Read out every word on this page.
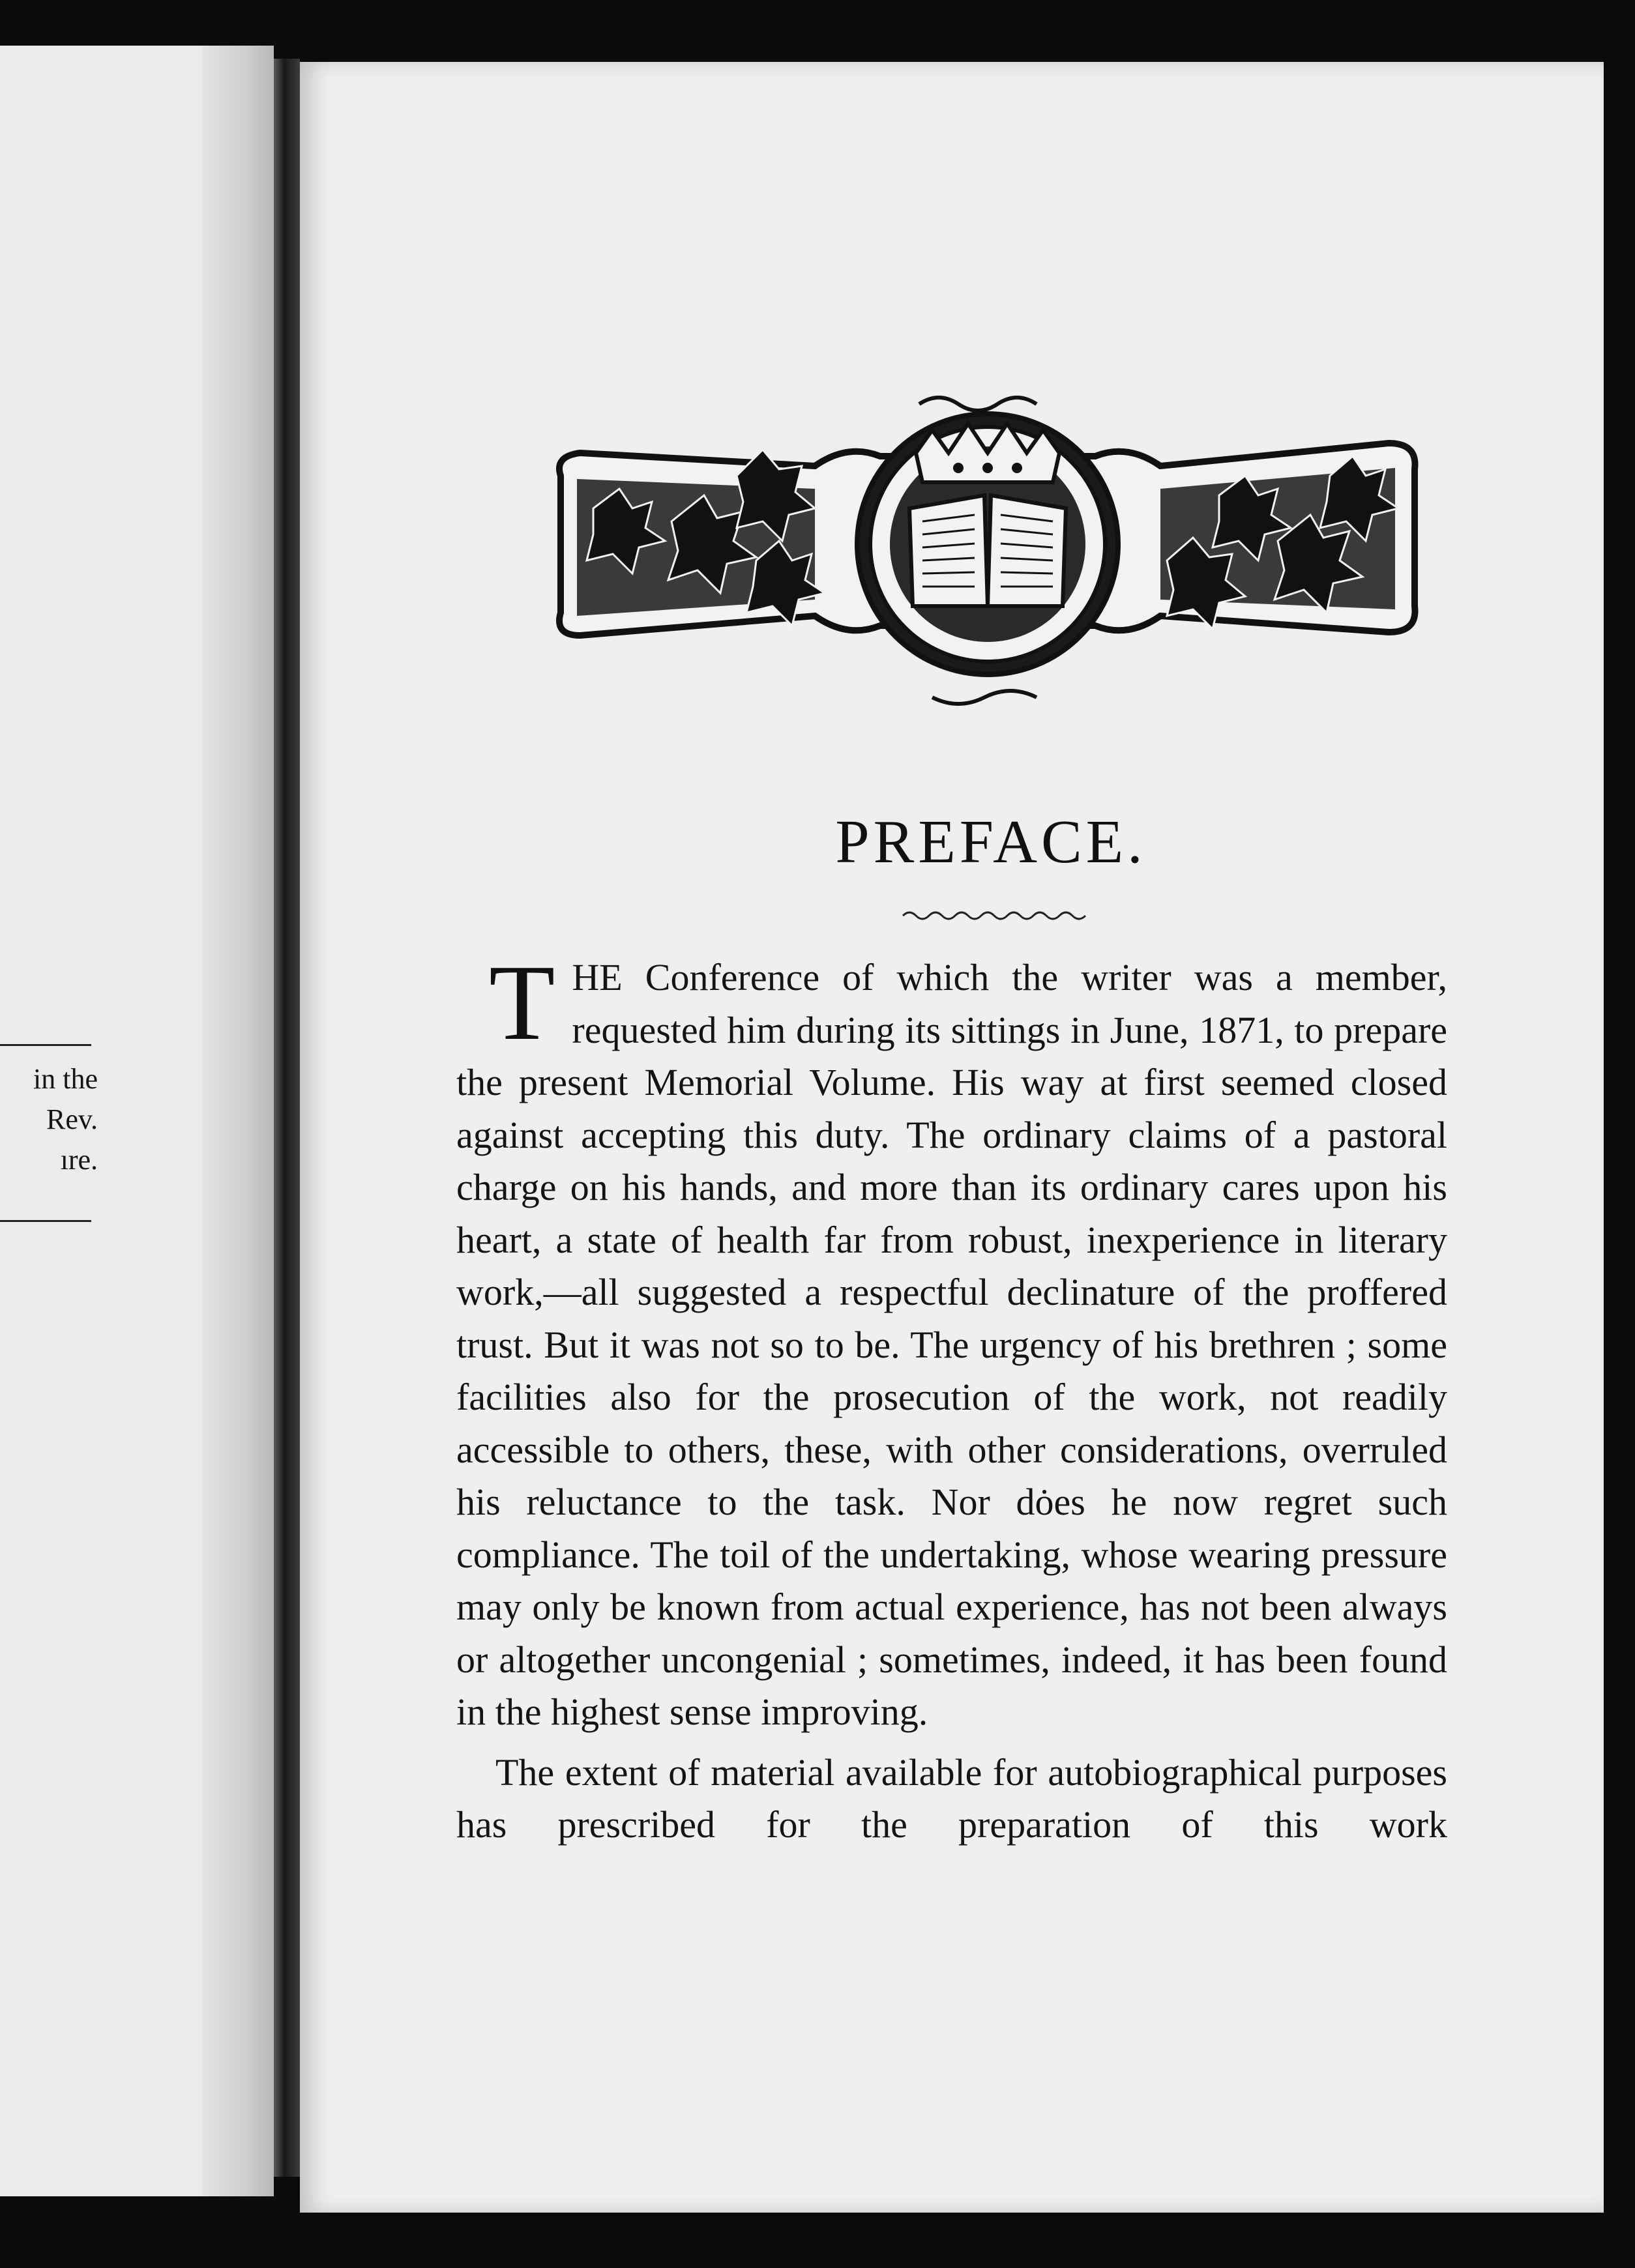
in the
Rev.
ıre.
PREFACE.

THE Conference of which the writer was a member, requested him during its sittings in June, 1871, to prepare the present Memorial Volume. His way at first seemed closed against accepting this duty. The ordinary claims of a pastoral charge on his hands, and more than its ordinary cares upon his heart, a state of health far from robust, inexperience in literary work,—all suggested a respectful declinature of the proffered trust. But it was not so to be. The urgency of his brethren ; some facilities also for the prosecution of the work, not readily accessible to others, these, with other considerations, overruled his reluctance to the task. Nor dȯes he now regret such compliance. The toil of the undertaking, whose wearing pressure may only be known from actual experience, has not been always or altogether uncongenial ; sometimes, indeed, it has been found in the highest sense improving.

The extent of material available for autobiographical purposes has prescribed for the preparation of this work
